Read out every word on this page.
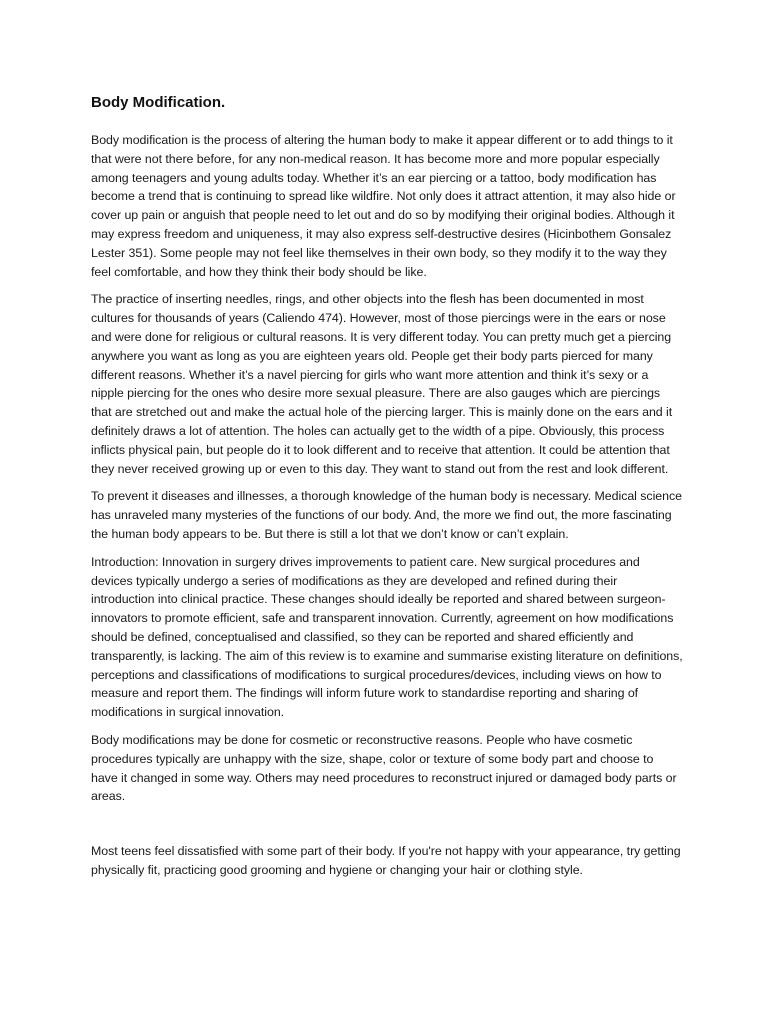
Body Modification.

Body modification is the process of altering the human body to make it appear different or to add things to it that were not there before, for any non-medical reason. It has become more and more popular especially among teenagers and young adults today. Whether it’s an ear piercing or a tattoo, body modification has become a trend that is continuing to spread like wildfire. Not only does it attract attention, it may also hide or cover up pain or anguish that people need to let out and do so by modifying their original bodies. Although it may express freedom and uniqueness, it may also express self-destructive desires (Hicinbothem Gonsalez Lester 351). Some people may not feel like themselves in their own body, so they modify it to the way they feel comfortable, and how they think their body should be like.

The practice of inserting needles, rings, and other objects into the flesh has been documented in most cultures for thousands of years (Caliendo 474). However, most of those piercings were in the ears or nose and were done for religious or cultural reasons. It is very different today. You can pretty much get a piercing anywhere you want as long as you are eighteen years old. People get their body parts pierced for many different reasons. Whether it’s a navel piercing for girls who want more attention and think it’s sexy or a nipple piercing for the ones who desire more sexual pleasure. There are also gauges which are piercings that are stretched out and make the actual hole of the piercing larger. This is mainly done on the ears and it definitely draws a lot of attention. The holes can actually get to the width of a pipe. Obviously, this process inflicts physical pain, but people do it to look different and to receive that attention. It could be attention that they never received growing up or even to this day. They want to stand out from the rest and look different.

To prevent it diseases and illnesses, a thorough knowledge of the human body is necessary. Medical science has unraveled many mysteries of the functions of our body. And, the more we find out, the more fascinating the human body appears to be. But there is still a lot that we don’t know or can’t explain.

Introduction: Innovation in surgery drives improvements to patient care. New surgical procedures and devices typically undergo a series of modifications as they are developed and refined during their introduction into clinical practice. These changes should ideally be reported and shared between surgeon-innovators to promote efficient, safe and transparent innovation. Currently, agreement on how modifications should be defined, conceptualised and classified, so they can be reported and shared efficiently and transparently, is lacking. The aim of this review is to examine and summarise existing literature on definitions, perceptions and classifications of modifications to surgical procedures/devices, including views on how to measure and report them. The findings will inform future work to standardise reporting and sharing of modifications in surgical innovation.

Body modifications may be done for cosmetic or reconstructive reasons. People who have cosmetic procedures typically are unhappy with the size, shape, color or texture of some body part and choose to have it changed in some way. Others may need procedures to reconstruct injured or damaged body parts or areas.

Most teens feel dissatisfied with some part of their body. If you're not happy with your appearance, try getting physically fit, practicing good grooming and hygiene or changing your hair or clothing style.
